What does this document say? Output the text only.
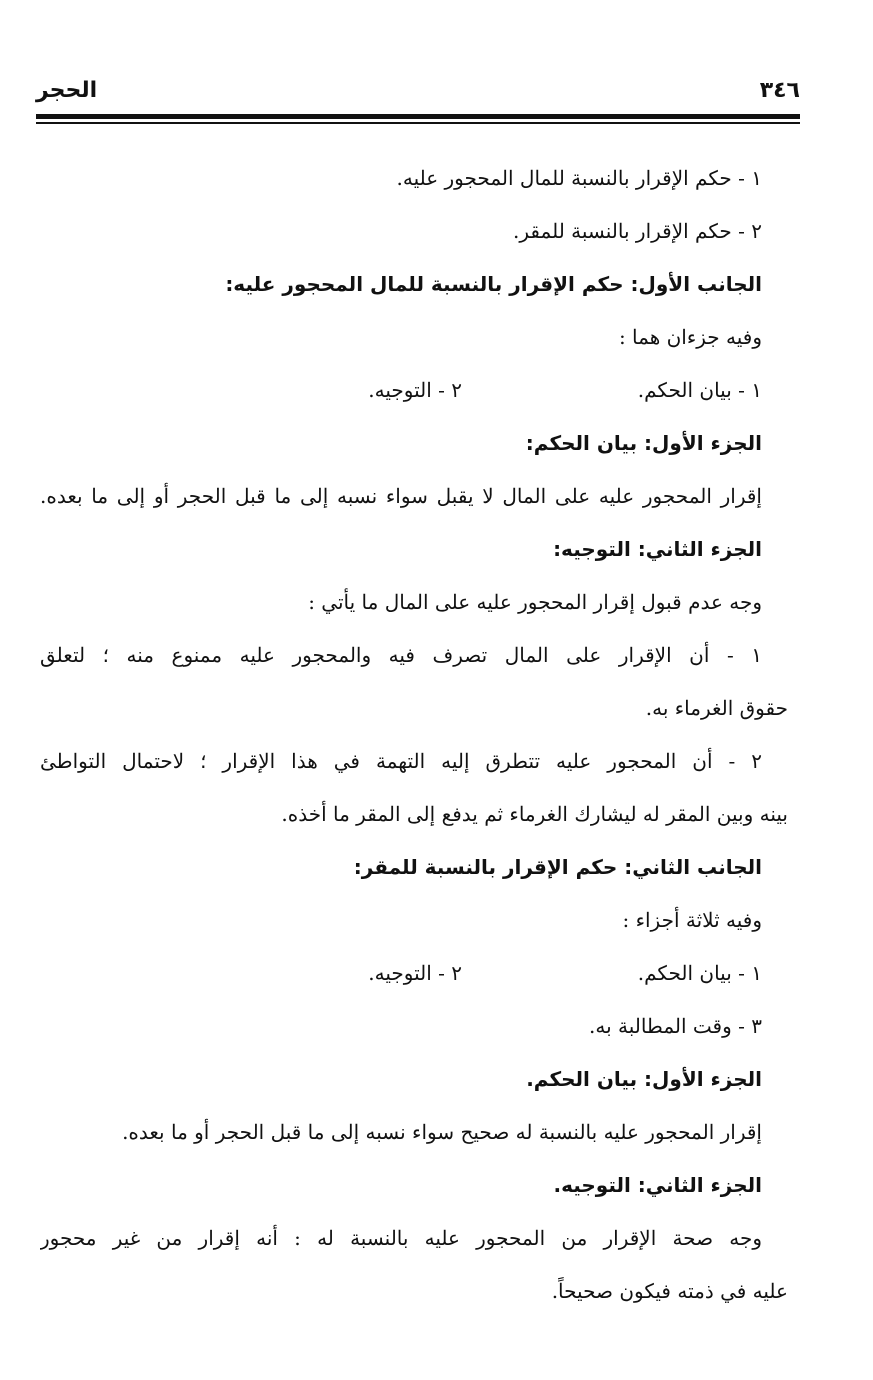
٣٤٦
الحجر
١ - حكم الإقرار بالنسبة للمال المحجور عليه.
٢ - حكم الإقرار بالنسبة للمقر.
الجانب الأول: حكم الإقرار بالنسبة للمال المحجور عليه:
وفيه جزءان هما :
١ - بيان الحكم.
٢ - التوجيه.
الجزء الأول: بيان الحكم:
إقرار المحجور عليه على المال لا يقبل سواء نسبه إلى ما قبل الحجر أو إلى ما بعده.
الجزء الثاني: التوجيه:
وجه عدم قبول إقرار المحجور عليه على المال ما يأتي :
١ - أن الإقرار على المال تصرف فيه والمحجور عليه ممنوع منه ؛ لتعلق
حقوق الغرماء به.
٢ - أن المحجور عليه تتطرق إليه التهمة في هذا الإقرار ؛ لاحتمال التواطئ
بينه وبين المقر له ليشارك الغرماء ثم يدفع إلى المقر ما أخذه.
الجانب الثاني: حكم الإقرار بالنسبة للمقر:
وفيه ثلاثة أجزاء :
١ - بيان الحكم.
٢ - التوجيه.
٣ - وقت المطالبة به.
الجزء الأول: بيان الحكم.
إقرار المحجور عليه بالنسبة له صحيح سواء نسبه إلى ما قبل الحجر أو ما بعده.
الجزء الثاني: التوجيه.
وجه صحة الإقرار من المحجور عليه بالنسبة له : أنه إقرار من غير محجور
عليه في ذمته فيكون صحيحاً.
